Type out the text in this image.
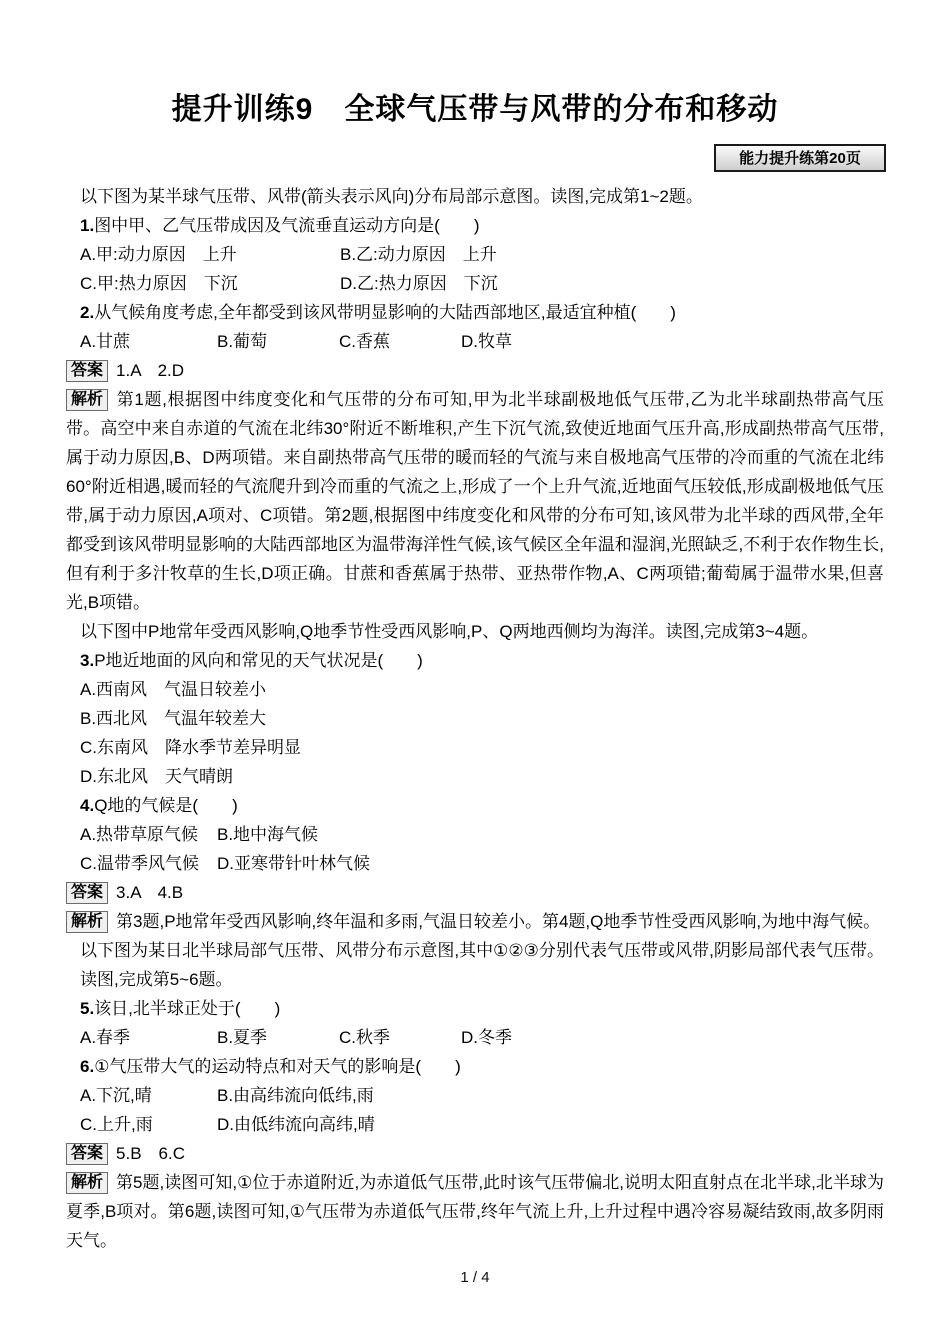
提升训练9　全球气压带与风带的分布和移动
能力提升练第20页

以下图为某半球气压带、风带(箭头表示风向)分布局部示意图。读图,完成第1~2题。

1.图中甲、乙气压带成因及气流垂直运动方向是(　　)

A.甲:动力原因　上升	B.乙:动力原因　上升

C.甲:热力原因　下沉	D.乙:热力原因　下沉

2.从气候角度考虑,全年都受到该风带明显影响的大陆西部地区,最适宜种植(　　)

A.甘蔗	B.葡萄	C.香蕉	D.牧草

答案 1.A　2.D

解析 第1题,根据图中纬度变化和气压带的分布可知,甲为北半球副极地低气压带,乙为北半球副热带高气压带。高空中来自赤道的气流在北纬30°附近不断堆积,产生下沉气流,致使近地面气压升高,形成副热带高气压带,属于动力原因,B、D两项错。来自副热带高气压带的暖而轻的气流与来自极地高气压带的冷而重的气流在北纬60°附近相遇,暖而轻的气流爬升到冷而重的气流之上,形成了一个上升气流,近地面气压较低,形成副极地低气压带,属于动力原因,A项对、C项错。第2题,根据图中纬度变化和风带的分布可知,该风带为北半球的西风带,全年都受到该风带明显影响的大陆西部地区为温带海洋性气候,该气候区全年温和湿润,光照缺乏,不利于农作物生长,但有利于多汁牧草的生长,D项正确。甘蔗和香蕉属于热带、亚热带作物,A、C两项错;葡萄属于温带水果,但喜光,B项错。

以下图中P地常年受西风影响,Q地季节性受西风影响,P、Q两地西侧均为海洋。读图,完成第3~4题。

3.P地近地面的风向和常见的天气状况是(　　)

A.西南风　气温日较差小

B.西北风　气温年较差大

C.东南风　降水季节差异明显

D.东北风　天气晴朗

4.Q地的气候是(　　)

A.热带草原气候 B.地中海气候

C.温带季风气候 D.亚寒带针叶林气候

答案 3.A　4.B

解析 第3题,P地常年受西风影响,终年温和多雨,气温日较差小。第4题,Q地季节性受西风影响,为地中海气候。

以下图为某日北半球局部气压带、风带分布示意图,其中①②③分别代表气压带或风带,阴影局部代表气压带。读图,完成第5~6题。

5.该日,北半球正处于(　　)

A.春季	B.夏季	C.秋季	D.冬季

6.①气压带大气的运动特点和对天气的影响是(　　)

A.下沉,晴	B.由高纬流向低纬,雨

C.上升,雨	D.由低纬流向高纬,晴

答案 5.B　6.C

解析 第5题,读图可知,①位于赤道附近,为赤道低气压带,此时该气压带偏北,说明太阳直射点在北半球,北半球为夏季,B项对。第6题,读图可知,①气压带为赤道低气压带,终年气流上升,上升过程中遇冷容易凝结致雨,故多阴雨天气。

1 / 4
